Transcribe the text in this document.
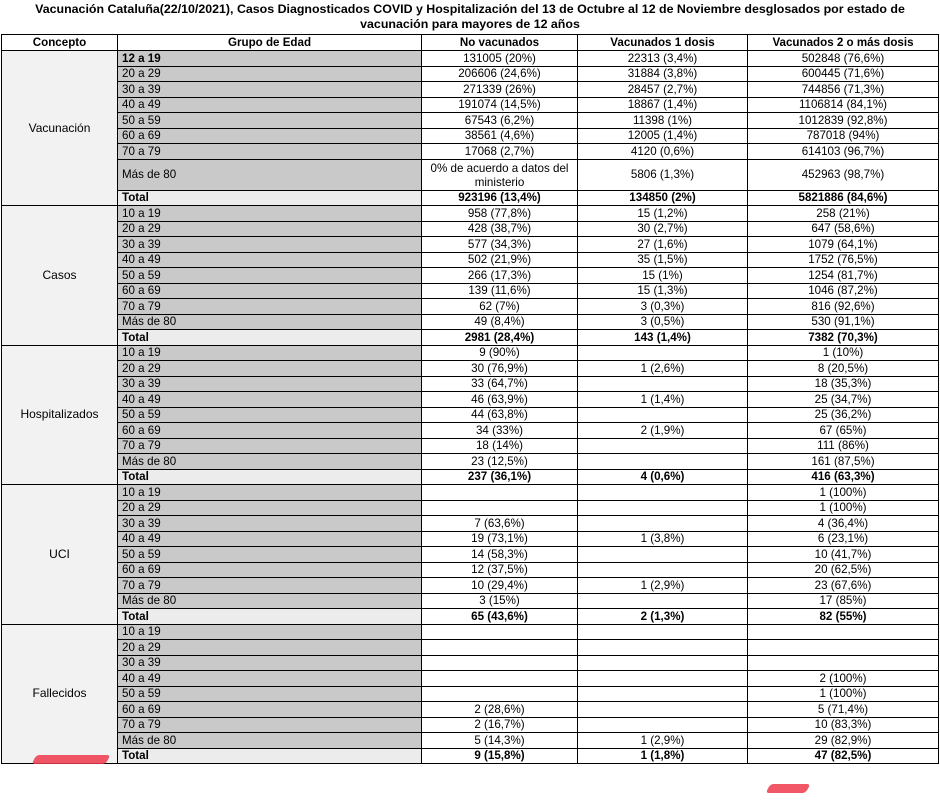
Vacunación Cataluña(22/10/2021), Casos Diagnosticados COVID y Hospitalización del 13 de Octubre al 12 de Noviembre desglosados por estado de vacunación para mayores de 12 años
Concepto	Grupo de Edad	No vacunados	Vacunados 1 dosis	Vacunados 2 o más dosis
Vacunación	12 a 19	131005 (20%)	22313 (3,4%)	502848 (76,6%)
	20 a 29	206606 (24,6%)	31884 (3,8%)	600445 (71,6%)
	30 a 39	271339 (26%)	28457 (2,7%)	744856 (71,3%)
	40 a 49	191074 (14,5%)	18867 (1,4%)	1106814 (84,1%)
	50 a 59	67543 (6,2%)	11398 (1%)	1012839 (92,8%)
	60 a 69	38561 (4,6%)	12005 (1,4%)	787018 (94%)
	70 a 79	17068 (2,7%)	4120 (0,6%)	614103 (96,7%)
	Más de 80	0% de acuerdo a datos del ministerio	5806 (1,3%)	452963 (98,7%)
	Total	923196 (13,4%)	134850 (2%)	5821886 (84,6%)
Casos	10 a 19	958 (77,8%)	15 (1,2%)	258 (21%)
	20 a 29	428 (38,7%)	30 (2,7%)	647 (58,6%)
	30 a 39	577 (34,3%)	27 (1,6%)	1079 (64,1%)
	40 a 49	502 (21,9%)	35 (1,5%)	1752 (76,5%)
	50 a 59	266 (17,3%)	15 (1%)	1254 (81,7%)
	60 a 69	139 (11,6%)	15 (1,3%)	1046 (87,2%)
	70 a 79	62 (7%)	3 (0,3%)	816 (92,6%)
	Más de 80	49 (8,4%)	3 (0,5%)	530 (91,1%)
	Total	2981 (28,4%)	143 (1,4%)	7382 (70,3%)
Hospitalizados	10 a 19	9 (90%)		1 (10%)
	20 a 29	30 (76,9%)	1 (2,6%)	8 (20,5%)
	30 a 39	33 (64,7%)		18 (35,3%)
	40 a 49	46 (63,9%)	1 (1,4%)	25 (34,7%)
	50 a 59	44 (63,8%)		25 (36,2%)
	60 a 69	34 (33%)	2 (1,9%)	67 (65%)
	70 a 79	18 (14%)		111 (86%)
	Más de 80	23 (12,5%)		161 (87,5%)
	Total	237 (36,1%)	4 (0,6%)	416 (63,3%)
UCI	10 a 19			1 (100%)
	20 a 29			1 (100%)
	30 a 39	7 (63,6%)		4 (36,4%)
	40 a 49	19 (73,1%)	1 (3,8%)	6 (23,1%)
	50 a 59	14 (58,3%)		10 (41,7%)
	60 a 69	12 (37,5%)		20 (62,5%)
	70 a 79	10 (29,4%)	1 (2,9%)	23 (67,6%)
	Más de 80	3 (15%)		17 (85%)
	Total	65 (43,6%)	2 (1,3%)	82 (55%)
Fallecidos	10 a 19			
	20 a 29			
	30 a 39			
	40 a 49			2 (100%)
	50 a 59			1 (100%)
	60 a 69	2 (28,6%)		5 (71,4%)
	70 a 79	2 (16,7%)		10 (83,3%)
	Más de 80	5 (14,3%)	1 (2,9%)	29 (82,9%)
	Total	9 (15,8%)	1 (1,8%)	47 (82,5%)
